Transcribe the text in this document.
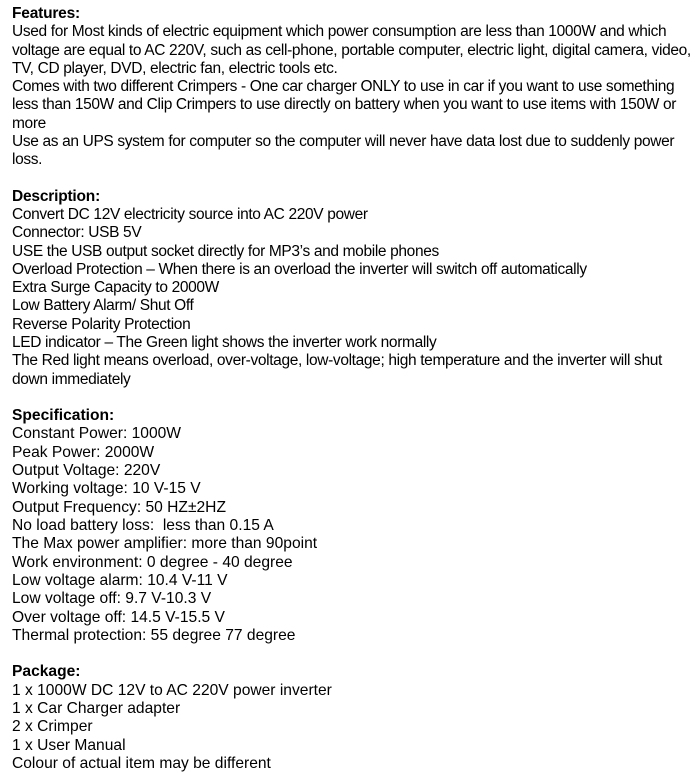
Features:
Used for Most kinds of electric equipment which power consumption are less than 1000W and which voltage are equal to AC 220V, such as cell-phone, portable computer, electric light, digital camera, video, TV, CD player, DVD, electric fan, electric tools etc.
Comes with two different Crimpers - One car charger ONLY to use in car if you want to use something less than 150W and Clip Crimpers to use directly on battery when you want to use items with 150W or more
Use as an UPS system for computer so the computer will never have data lost due to suddenly power loss.
Description:
Convert DC 12V electricity source into AC 220V power
Connector: USB 5V
USE the USB output socket directly for MP3’s and mobile phones
Overload Protection – When there is an overload the inverter will switch off automatically
Extra Surge Capacity to 2000W
Low Battery Alarm/ Shut Off
Reverse Polarity Protection
LED indicator – The Green light shows the inverter work normally
The Red light means overload, over-voltage, low-voltage; high temperature and the inverter will shut down immediately
Specification:
Constant Power: 1000W
Peak Power: 2000W
Output Voltage: 220V
Working voltage: 10 V-15 V
Output Frequency: 50 HZ±2HZ
No load battery loss:  less than 0.15 A
The Max power amplifier: more than 90point
Work environment: 0 degree - 40 degree
Low voltage alarm: 10.4 V-11 V
Low voltage off: 9.7 V-10.3 V
Over voltage off: 14.5 V-15.5 V
Thermal protection: 55 degree 77 degree
Package:
1 x 1000W DC 12V to AC 220V power inverter
1 x Car Charger adapter
2 x Crimper
1 x User Manual
Colour of actual item may be different
